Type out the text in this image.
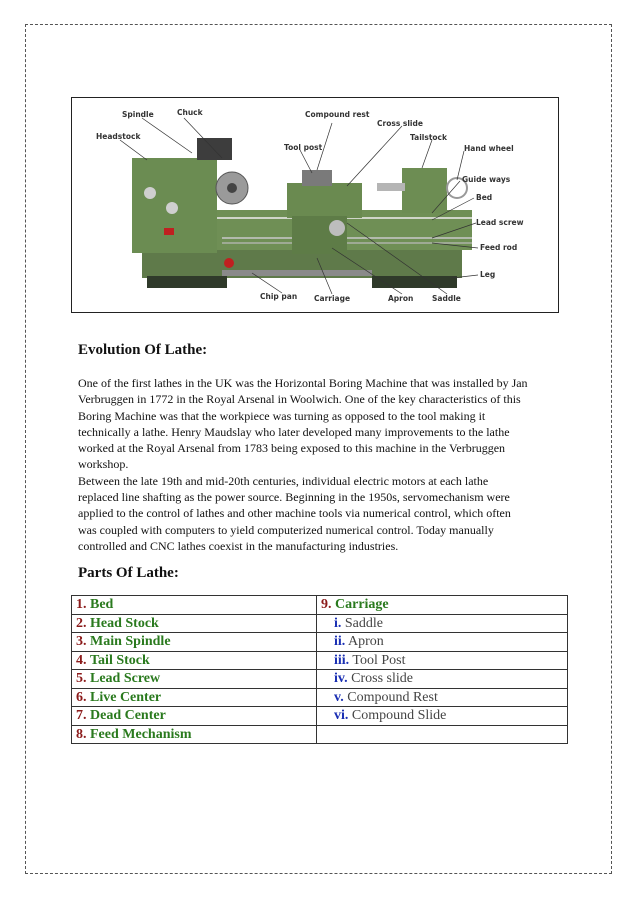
Spindle	Chuck
Headstock
Compound rest
Tool post
Cross slide
Tailstock
Hand wheel
Guide ways
Bed
Lead screw
Feed rod
Leg
Chip pan Carriage	Apron Saddle
Evolution Of Lathe:

One of the first lathes in the UK was the Horizontal Boring Machine that was installed by Jan

Verbruggen in 1772 in the Royal Arsenal in Woolwich. One of the key characteristics of this

Boring Machine was that the workpiece was turning as opposed to the tool making it

technically a lathe. Henry Maudslay who later developed many improvements to the lathe

worked at the Royal Arsenal from 1783 being exposed to this machine in the Verbruggen

workshop.

Between the late 19th and mid-20th centuries, individual electric motors at each lathe

replaced line shafting as the power source. Beginning in the 1950s, servomechanism were

applied to the control of lathes and other machine tools via numerical control, which often

was coupled with computers to yield computerized numerical control. Today manually

controlled and CNC lathes coexist in the manufacturing industries.

Parts Of Lathe:
1. Bed	9. Carriage
2. Head Stock	i. Saddle
3. Main Spindle	ii. Apron
4. Tail Stock	iii. Tool Post
5. Lead Screw	iv. Cross slide
6. Live Center	v. Compound Rest
7. Dead Center	vi. Compound Slide
8. Feed Mechanism	
